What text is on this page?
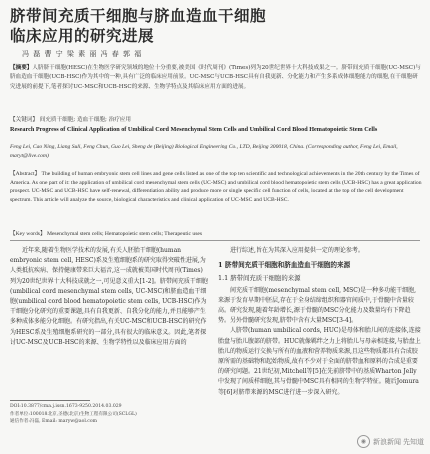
脐带间充质干细胞与脐血造血干细胞
临床应用的研究进展
冯 磊 曹 宁 梁 素 丽 冯 春 郭 福
【摘要】人脐脐干细胞(HESC)在生物医学研究领域的地位十分重要,被美国《时代周刊》(Times)列为20世纪世界十大科技成果之一。脐带间充质干细胞(UC-MSC)与脐血造血干细胞(UCB-HSC)作为其中的一种,具有广泛的临床应用前景。UC-MSC与UCB-HSC具有自我更新、分化能力和产生多系成体细胞能力的细胞,在干细胞研究进展的前提下,笔者探讨UC-MSC和UCB-HSC的来源、生物学特点及其临床应用方面的进展。
【关键词】 间充质干细胞; 造血干细胞; 治疗应用
Research Progress of Clinical Application of Umbilical Cord Mesenchymal Stem Cells and Umbilical Cord Blood Hematopoietic Stem Cells
Feng Lei, Cao Ning, Liang Suli, Feng Chun, Guo Lei, Sheng de (Beijing) Biological Engineering Co., LTD, Beijing 300018, China. (Corresponding author, Feng Lei, Email, maryt@live.com)
【Abstract】 The building of human embryonic stem cell lines and gene cells listed as one of the top ten scientific and technological achievements in the 20th century by the Times of America. As one part of it: the application of umbilical cord mesenchymal stem cells (UC-MSC) and umbilical cord blood hematopoietic stem cells (UCB-HSC) has a great application prospect. UC-MSC and UCB-HSC have self-renewal, differentiation ability and produce more or single specific cell function of cells, located at the top of the cell development spectrum. This article will analyze the source, biological characteristics and clinical application of UC-MSC and UCB-HSC.
【Key words】 Mesenchymal stem cells; Hematopoietic stem cells; Therapeutic uses

近年来,随着生物医学技术的发展,有关人胚胎干细胞(human embryonic stem cell, HESC)系及生殖细胞系的研究取得突破性进展,为人类抵抗疾病、保持健康带来巨大福音,这一成就被美国时代周刊(Times)列为20世纪世界十大科技成就之一,可见意义重大[1-2]。脐带间充质干细胞(umbilical cord mesenchymal stem cells, UC-MSC)和脐血造血干细胞(umbilical cord blood hematopoietic stem cells, UCB-HSC)作为干细胞分化研究的重要课题,具有自我更新、自我分化的能力,并且能够产生多种成体多能分化细胞。有研究指出,有关UC-MSC和UCB-HSC的研究作为HESC系及生殖细胞系研究的一部分,具有很大的临床意义。因此,笔者探讨UC-MSC及UCB-HSC的来源、生物学特性以及临床应用方面的

DOI:10.3877/cma.j.issn.1673-9250.2014.03.029
作者单位:100018北京,圣德(北京)生物工程有限公司(SCLGL)
通信作者:冯磊, Email: maryw@aol.com

进行综述,旨在为其深入应用提供一定的理论参考。

1 脐带间充质干细胞和脐血造血干细胞的来源
1.1 脐带间充质干细胞的来源

间充质干细胞(mesenchymal stem cell, MSC)是一种多功能干细胞,来源于发育早期中胚层,存在于全身结缔组织和器官间质中,于骨髓中含量较高。研究发现,随着年龄增长,源于骨髓的MSC分化能力及数量均有下降趋势。另外骨髓研究发现,脐带中含有大量MSC[3-4]。

人脐带(human umbilical cords, HUC)是母体和胎儿间的连接体,连接胎盘与胎儿腹部的脐带。HUC就像羁绊之力上将胎儿与母亲相连接,与胎盘上胎儿的物质运行交换与所有的血液和营养物质来源,且这些物质都具有合成胶原所需的基础物和起始物质,故有不少对于全面的脐带血和原料的合成是重要的研究问题。21世纪初,Mitchell等[5]在先前脐带中的基质Wharton Jelly中发现了间质样细胞,其与骨髓中MSC具有相同的生物学特征。随后Jomura等[6]对脐带来源的MSC进行进一步深入研究。

◉ 新浪新闻 先知道
